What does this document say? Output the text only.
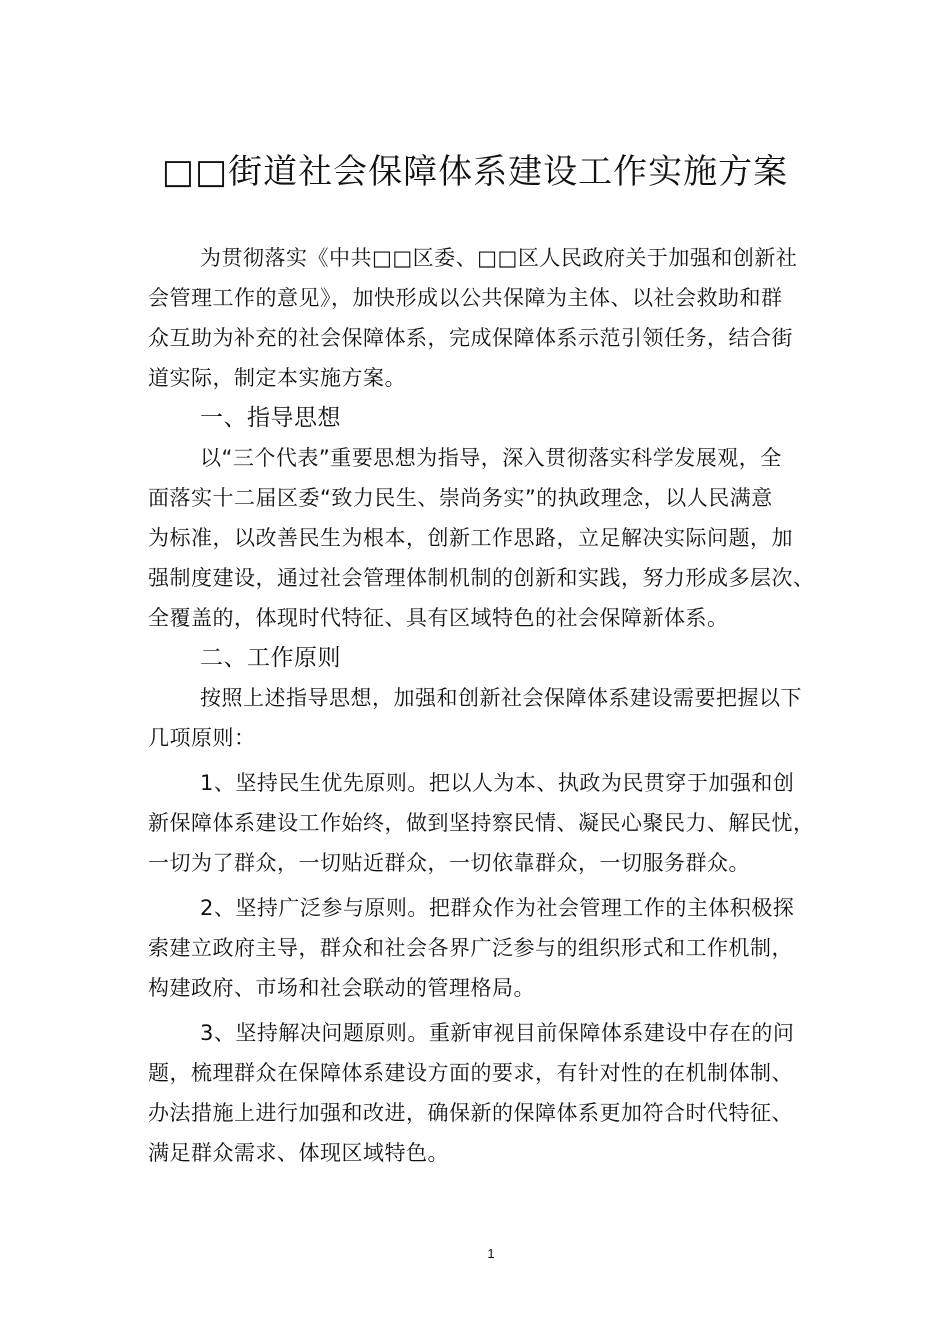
□□街道社会保障体系建设工作实施方案
为贯彻落实《中共□□区委、□□区人民政府关于加强和创新社
会管理工作的意见》，加快形成以公共保障为主体、以社会救助和群
众互助为补充的社会保障体系，完成保障体系示范引领任务，结合街
道实际，制定本实施方案。
一、指导思想
以“三个代表”重要思想为指导，深入贯彻落实科学发展观，全
面落实十二届区委“致力民生、崇尚务实”的执政理念，以人民满意
为标准，以改善民生为根本，创新工作思路，立足解决实际问题，加
强制度建设，通过社会管理体制机制的创新和实践，努力形成多层次、
全覆盖的，体现时代特征、具有区域特色的社会保障新体系。
二、工作原则
按照上述指导思想，加强和创新社会保障体系建设需要把握以下
几项原则：
1、坚持民生优先原则。把以人为本、执政为民贯穿于加强和创
新保障体系建设工作始终，做到坚持察民情、凝民心聚民力、解民忧，
一切为了群众，一切贴近群众，一切依靠群众，一切服务群众。
2、坚持广泛参与原则。把群众作为社会管理工作的主体积极探
索建立政府主导，群众和社会各界广泛参与的组织形式和工作机制，
构建政府、市场和社会联动的管理格局。
3、坚持解决问题原则。重新审视目前保障体系建设中存在的问
题，梳理群众在保障体系建设方面的要求，有针对性的在机制体制、
办法措施上进行加强和改进，确保新的保障体系更加符合时代特征、
满足群众需求、体现区域特色。
1
